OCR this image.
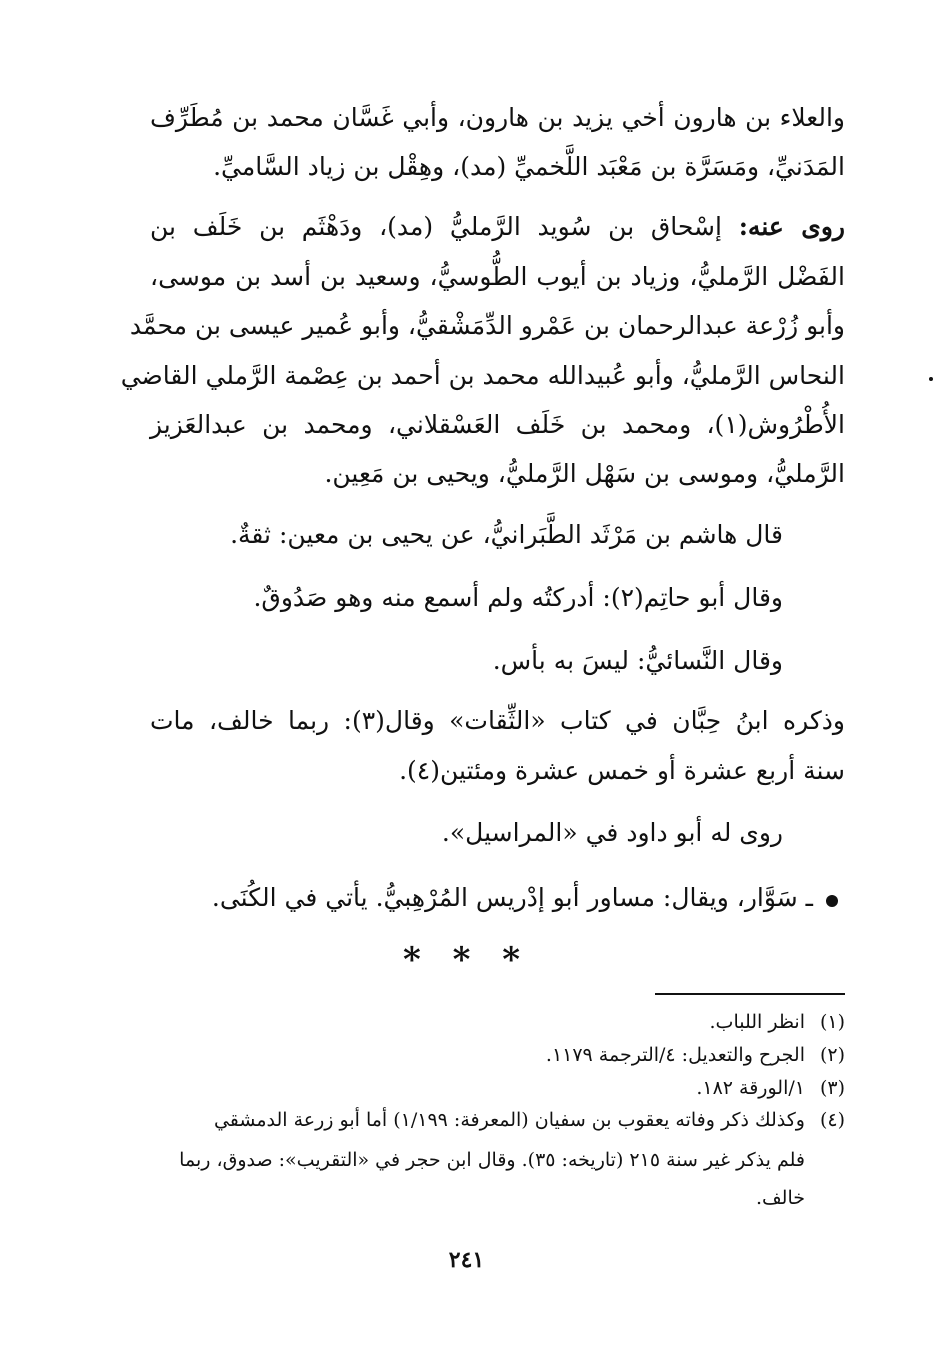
والعلاء بن هارون أخي يزيد بن هارون، وأبي غَسَّان محمد بن مُطَرِّف
المَدَنيِّ، ومَسَرَّة بن مَعْبَد اللَّخميِّ (مد)، وهِقْل بن زياد السَّاميِّ.
روى عنه: إسْحاق بن سُويد الرَّمليُّ (مد)، ودَهْثَم بن خَلَف بن
الفَضْل الرَّمليُّ، وزياد بن أيوب الطُّوسيُّ، وسعيد بن أسد بن موسى،
وأبو زُرْعة عبدالرحمان بن عَمْرو الدِّمَشْقيُّ، وأبو عُمير عيسى بن محمَّد
النحاس الرَّمليُّ، وأبو عُبيدالله محمد بن أحمد بن عِصْمة الرَّملي القاضي
الأُطْرُوش(١)، ومحمد بن خَلَف العَسْقلاني، ومحمد بن عبدالعَزيز
الرَّمليُّ، وموسى بن سَهْل الرَّمليُّ، ويحيى بن مَعِين.
قال هاشم بن مَرْثَد الطَّبَرانيُّ، عن يحيى بن معين: ثقةٌ.
وقال أبو حاتِم(٢): أدركتُه ولم أسمع منه وهو صَدُوقٌ.
وقال النَّسائيُّ: ليسَ به بأس.
وذكره ابنُ حِبَّان في كتاب «الثِّقات» وقال(٣): ربما خالف، مات
سنة أربع عشرة أو خمس عشرة ومئتين(٤).
روى له أبو داود في «المراسيل».
ـ سَوَّار، ويقال: مساور أبو إدْريس المُرْهِبيُّ. يأتي في الكُنَى.
* * *
(١)انظر اللباب.
(٢)الجرح والتعديل: ٤/الترجمة ١١٧٩.
(٣)١/الورقة ١٨٢.
(٤)وكذلك ذكر وفاته يعقوب بن سفيان (المعرفة: ١/١٩٩) أما أبو زرعة الدمشقي
فلم يذكر غير سنة ٢١٥ (تاريخه: ٣٥). وقال ابن حجر في «التقريب»: صدوق، ربما
خالف.
٢٤١
